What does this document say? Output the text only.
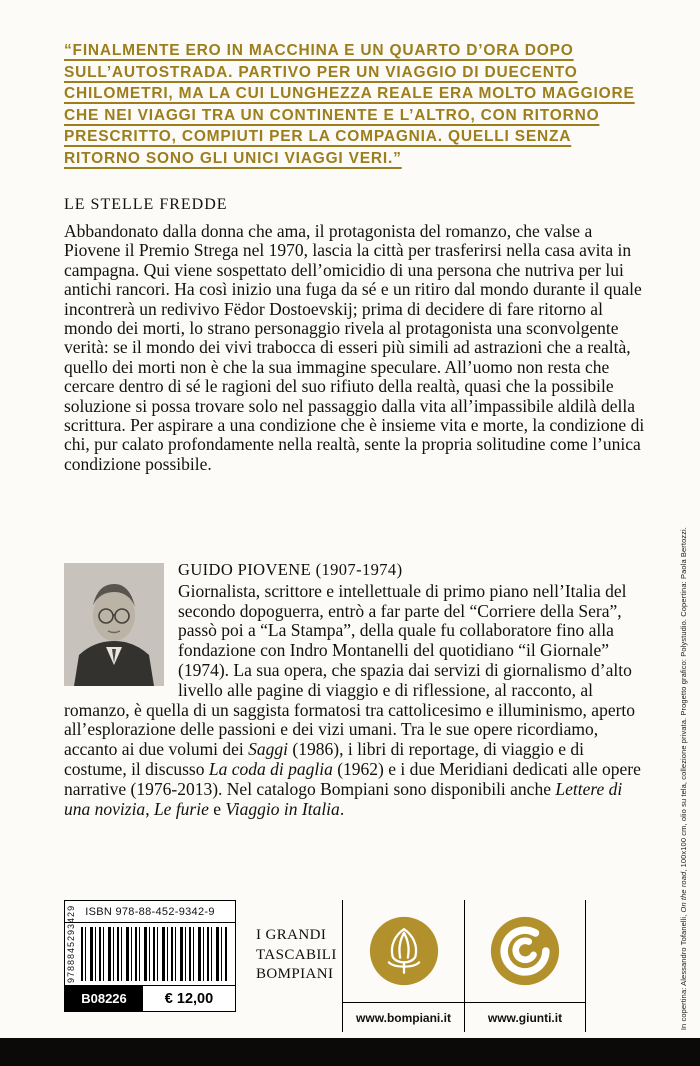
“FINALMENTE ERO IN MACCHINA E UN QUARTO D’ORA DOPO SULL’AUTOSTRADA. PARTIVO PER UN VIAGGIO DI DUECENTO CHILOMETRI, MA LA CUI LUNGHEZZA REALE ERA MOLTO MAGGIORE CHE NEI VIAGGI TRA UN CONTINENTE E L’ALTRO, CON RITORNO PRESCRITTO, COMPIUTI PER LA COMPAGNIA. QUELLI SENZA RITORNO SONO GLI UNICI VIAGGI VERI.”
LE STELLE FREDDE
Abbandonato dalla donna che ama, il protagonista del romanzo, che valse a Piovene il Premio Strega nel 1970, lascia la città per trasferirsi nella casa avita in campagna. Qui viene sospettato dell’omicidio di una persona che nutriva per lui antichi rancori. Ha così inizio una fuga da sé e un ritiro dal mondo durante il quale incontrerà un redivivo Fëdor Dostoevskij; prima di decidere di fare ritorno al mondo dei morti, lo strano personaggio rivela al protagonista una sconvolgente verità: se il mondo dei vivi trabocca di esseri più simili ad astrazioni che a realtà, quello dei morti non è che la sua immagine speculare. All’uomo non resta che cercare dentro di sé le ragioni del suo rifiuto della realtà, quasi che la possibile soluzione si possa trovare solo nel passaggio dalla vita all’impassibile aldilà della scrittura. Per aspirare a una condizione che è insieme vita e morte, la condizione di chi, pur calato profondamente nella realtà, sente la propria solitudine come l’unica condizione possibile.
GUIDO PIOVENE (1907-1974)
Giornalista, scrittore e intellettuale di primo piano nell’Italia del secondo dopoguerra, entrò a far parte del “Corriere della Sera”, passò poi a “La Stampa”, della quale fu collaboratore fino alla fondazione con Indro Montanelli del quotidiano “il Giornale” (1974). La sua opera, che spazia dai servizi di giornalismo d’alto livello alle pagine di viaggio e di riflessione, al racconto, al romanzo, è quella di un saggista formatosi tra cattolicesimo e illuminismo, aperto all’esplorazione delle passioni e dei vizi umani. Tra le sue opere ricordiamo, accanto ai due volumi dei Saggi (1986), i libri di reportage, di viaggio e di costume, il discusso La coda di paglia (1962) e i due Meridiani dedicati alle opere narrative (1976-2013). Nel catalogo Bompiani sono disponibili anche Lettere di una novizia, Le furie e Viaggio in Italia.
ISBN 978-88-452-9342-9
9788845293429
B08226	€ 12,00
I GRANDI
TASCABILI
BOMPIANI
www.bompiani.it	www.giunti.it	In copertina: Alessandro Tofanelli, On the road, 100x100 cm, olio su tela, collezione privata. Progetto grafico: Polystudio. Copertina: Paola Bertozzi.
